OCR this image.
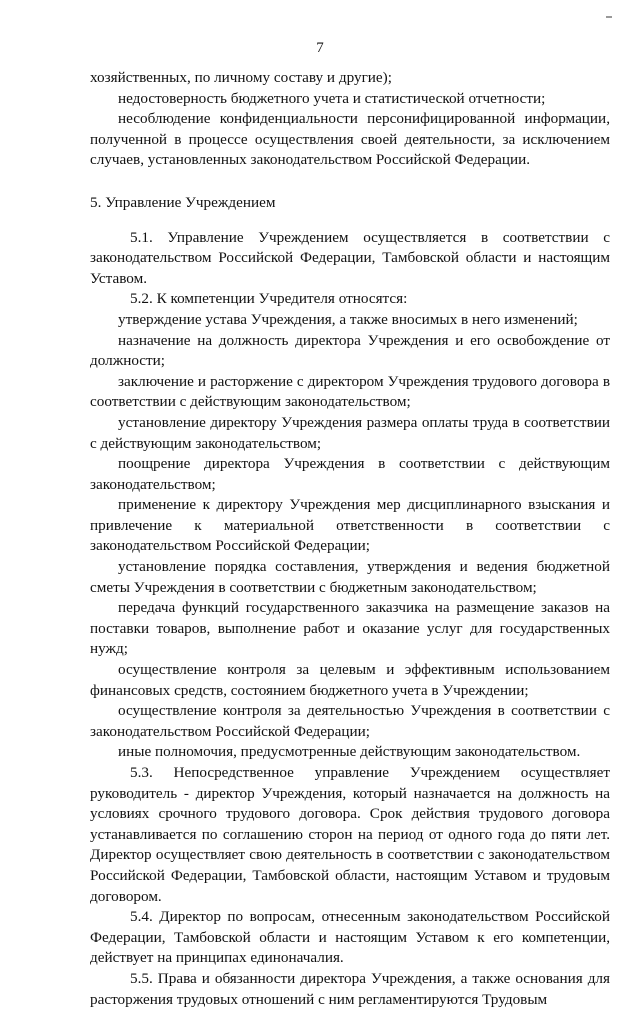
7

хозяйственных, по личному составу и другие);

недостоверность бюджетного учета и статистической отчетности;

несоблюдение конфиденциальности персонифицированной информации, полученной в процессе осуществления своей деятельности, за исключением случаев, установленных законодательством Российской Федерации.

5. Управление Учреждением

5.1. Управление Учреждением осуществляется в соответствии с законодательством Российской Федерации, Тамбовской области и настоящим Уставом.

5.2. К компетенции Учредителя относятся:

утверждение устава Учреждения, а также вносимых в него изменений;

назначение на должность директора Учреждения и его освобождение от должности;

заключение и расторжение с директором Учреждения трудового договора в соответствии с действующим законодательством;

установление директору Учреждения размера оплаты труда в соответствии с действующим законодательством;

поощрение директора Учреждения в соответствии с действующим законодательством;

применение к директору Учреждения мер дисциплинарного взыскания и привлечение к материальной ответственности в соответствии с законодательством Российской Федерации;

установление порядка составления, утверждения и ведения бюджетной сметы Учреждения в соответствии с бюджетным законодательством;

передача функций государственного заказчика на размещение заказов на поставки товаров, выполнение работ и оказание услуг для государственных нужд;

осуществление контроля за целевым и эффективным использованием финансовых средств, состоянием бюджетного учета в Учреждении;

осуществление контроля за деятельностью Учреждения в соответствии с законодательством Российской Федерации;

иные полномочия, предусмотренные действующим законодательством.

5.3. Непосредственное управление Учреждением осуществляет руководитель - директор Учреждения, который назначается на должность на условиях срочного трудового договора. Срок действия трудового договора устанавливается по соглашению сторон на период от одного года до пяти лет. Директор осуществляет свою деятельность в соответствии с законодательством Российской Федерации, Тамбовской области, настоящим Уставом и трудовым договором.

5.4. Директор по вопросам, отнесенным законодательством Российской Федерации, Тамбовской области и настоящим Уставом к его компетенции, действует на принципах единоначалия.

5.5. Права и обязанности директора Учреждения, а также основания для расторжения трудовых отношений с ним регламентируются Трудовым
